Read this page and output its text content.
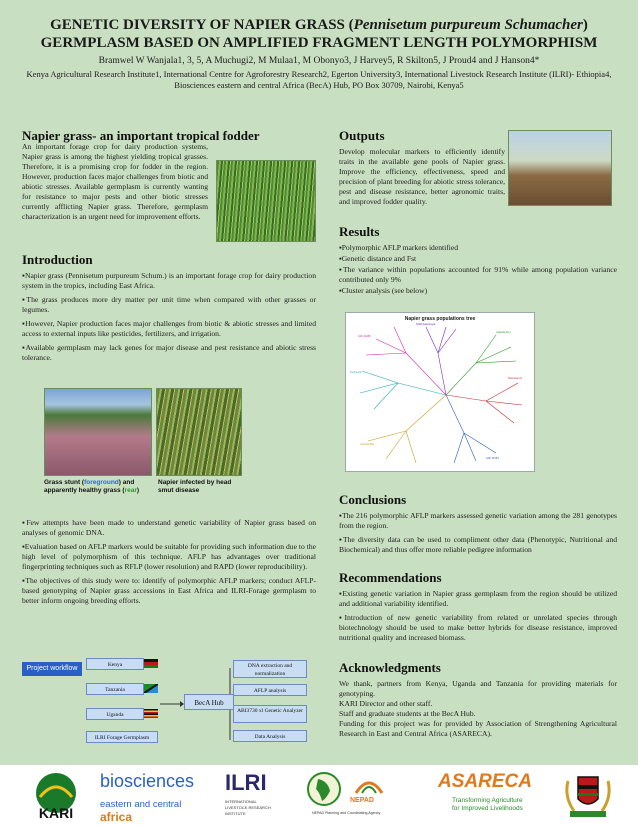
GENETIC DIVERSITY OF NAPIER GRASS (Pennisetum purpureum Schumacher)
GERMPLASM BASED ON AMPLIFIED FRAGMENT LENGTH POLYMORPHISM
Bramwel W Wanjala1, 3, 5, A Muchugi2, M Mulaa1, M Obonyo3, J Harvey5, R Skilton5, J Proud4 and J Hanson4*
Kenya Agricultural Research Institute1, International Centre for Agroforestry Research2, Egerton University3, International Livestock Research Institute (ILRI)- Ethiopia4, Biosciences eastern and central Africa (BecA) Hub, PO Box 30709, Nairobi, Kenya5
Napier grass- an important tropical fodder

An important forage crop for dairy production systems, Napier grass is among the highest yielding tropical grasses. Therefore, it is a promising crop for fodder in the region. However, production faces major challenges from biotic and abiotic stresses. Available germplasm is currently wanting for resistance to major pests and other biotic stresses currently afflicting Napier grass. Therefore, germplasm characterization is an urgent need for improvement efforts.

Introduction

▪Napier grass (Pennisetum purpureum Schum.) is an important forage crop for dairy production system in the tropics, including East Africa.

▪The grass produces more dry matter per unit time when compared with other grasses or legumes.

▪However, Napier production faces major challenges from biotic & abiotic stresses and limited access to external inputs like pesticides, fertilizers, and irrigation.

▪Available germplasm may lack genes for major disease and pest resistance and abiotic stress tolerance.

Grass stunt (foreground) and apparently healthy grass (rear)
Napier infected by head smut disease

▪Few attempts have been made to understand genetic variability of Napier grass based on analyses of genomic DNA.

▪Evaluation based on AFLP markers would be suitable for providing such information due to the high level of polymorphism of this technique. AFLP has advantages over traditional fingerprinting techniques such as RFLP (lower resolution) and RAPD (lower reproducibility).

▪The objectives of this study were to: identify of polymorphic AFLP markers; conduct AFLP-based genotyping of Napier grass accessions in East Africa and ILRI-Forage germplasm to better inform ongoing breeding efforts.

Project workflow	Kenya
Tanzania
Uganda
ILRI Forage Germplasm
BecA Hub
DNA extraction and normalization
AFLP analysis
ABI3730 xl Genetic Analyzer
Data Analysis
Outputs

Develop molecular markers to efficiently identify traits in the available gene pools of Napier grass. Improve the efficiency, effectiveness, speed and precision of plant breeding for abiotic stress tolerance, pest and disease resistance, better agronomic traits, and improved fodder quality.

Results

▪Polymorphic AFLP markers identified

▪Genetic distance and Fst

▪The variance within populations accounted for 91% while among population variance contributed only 9%

▪Cluster analysis (see below)

Napier grass populations tree
KARI-Kakamega
Uganda-Ken
Tanzania-11
ILRI 16784
Uganda-Mpi
Kenya-Kit
ILRI 14984
Conclusions

▪The 216 polymorphic AFLP markers assessed genetic variation among the 281 genotypes from the region.

▪The diversity data can be used to compliment other data (Phenotypic, Nutritional and Biochemical) and thus offer more reliable pedigree information

Recommendations

▪Existing genetic variation in Napier grass germplasm from the region should be utilized and additional variability identified.

▪Introduction of new genetic variability from related or unrelated species through biotechnology should be used to make better hybrids for disease resistance, improved nutritional quality and increased biomass.

Acknowledgments

We thank, partners from Kenya, Uganda and Tanzania for providing materials for genotyping.

KARI Director and other staff.

Staff and graduate students at the BecA Hub.

Funding for this project was for provided by Association of Strengthening Agricultural Research in East and Central Africa (ASARECA).

KARI
biosciences
eastern and central africa
ILRI
INTERNATIONAL LIVESTOCK RESEARCH INSTITUTE
NEPAD
NEPAD Planning and Coordinating Agency
ASARECA
Transforming Agriculture
for Improved Livelihoods
